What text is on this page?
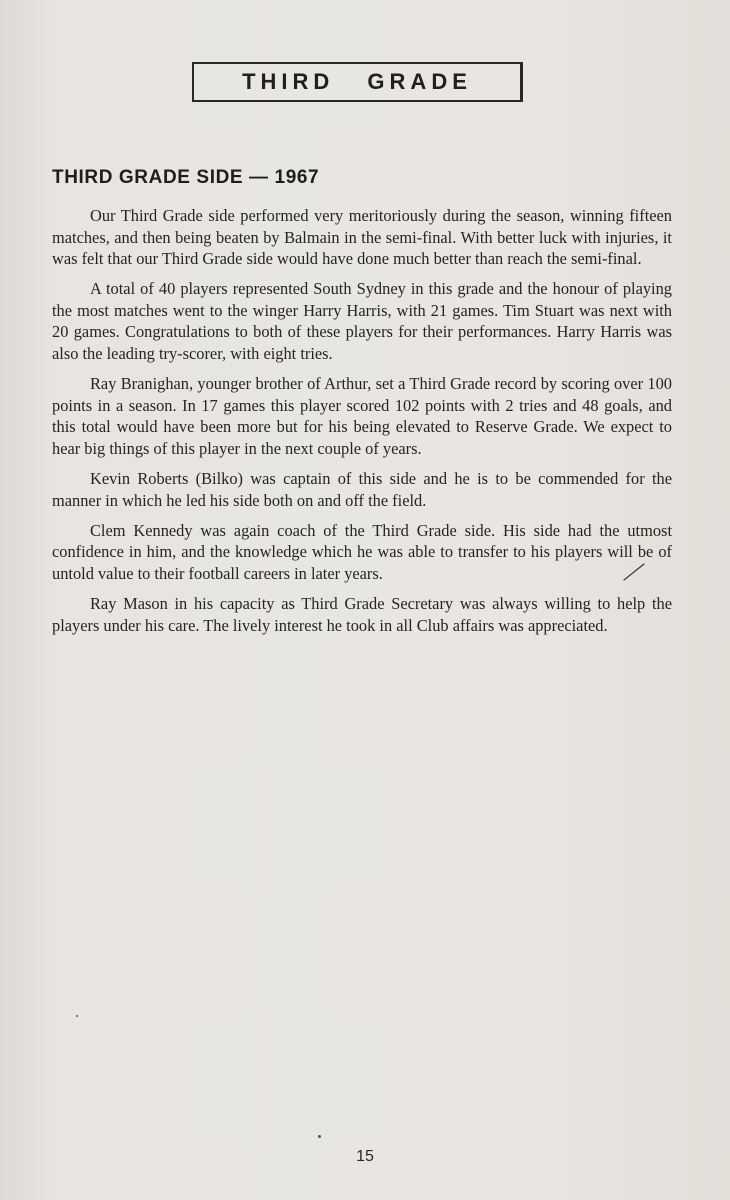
THIRD GRADE
THIRD GRADE SIDE — 1967

Our Third Grade side performed very meritoriously during the season, winning fifteen matches, and then being beaten by Balmain in the semi-final. With better luck with injuries, it was felt that our Third Grade side would have done much better than reach the semi-final.

A total of 40 players represented South Sydney in this grade and the honour of playing the most matches went to the winger Harry Harris, with 21 games. Tim Stuart was next with 20 games. Congratulations to both of these players for their performances. Harry Harris was also the leading try-scorer, with eight tries.

Ray Branighan, younger brother of Arthur, set a Third Grade record by scoring over 100 points in a season. In 17 games this player scored 102 points with 2 tries and 48 goals, and this total would have been more but for his being elevated to Reserve Grade. We expect to hear big things of this player in the next couple of years.

Kevin Roberts (Bilko) was captain of this side and he is to be commended for the manner in which he led his side both on and off the field.

Clem Kennedy was again coach of the Third Grade side. His side had the utmost confidence in him, and the knowledge which he was able to transfer to his players will be of untold value to their football careers in later years.

Ray Mason in his capacity as Third Grade Secretary was always willing to help the players under his care. The lively interest he took in all Club affairs was appreciated.

15
